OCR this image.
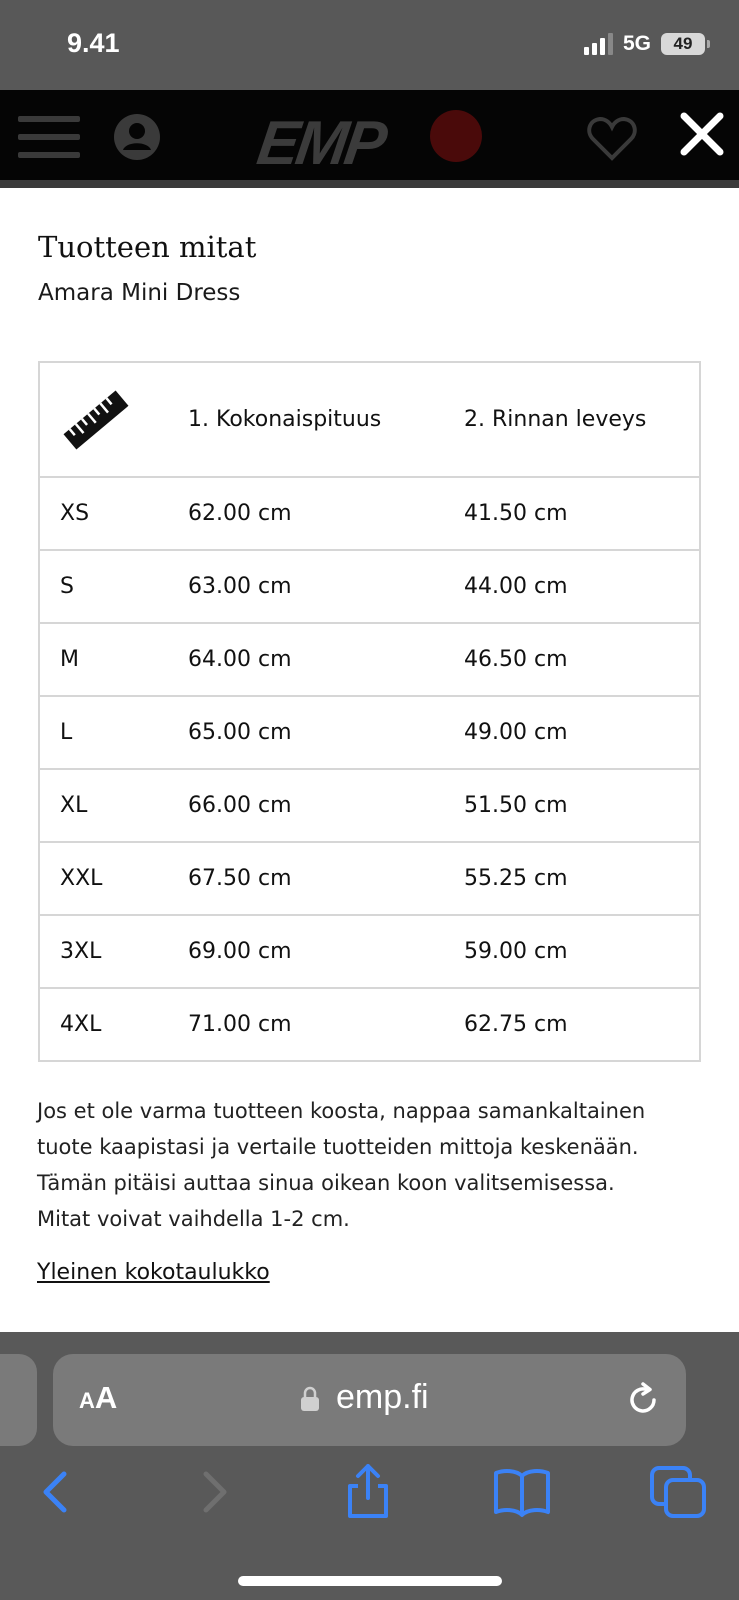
9.41	5G	49
EMP
Tuotteen mitat
Amara Mini Dress
	1. Kokonaispituus	2. Rinnan leveys
XS	62.00 cm	41.50 cm
S	63.00 cm	44.00 cm
M	64.00 cm	46.50 cm
L	65.00 cm	49.00 cm
XL	66.00 cm	51.50 cm
XXL	67.50 cm	55.25 cm
3XL	69.00 cm	59.00 cm
4XL	71.00 cm	62.75 cm
Jos et ole varma tuotteen koosta, nappaa samankaltainen
tuote kaapistasi ja vertaile tuotteiden mittoja keskenään.
Tämän pitäisi auttaa sinua oikean koon valitsemisessa.
Mitat voivat vaihdella 1-2 cm.
Yleinen kokotaulukko
AA	emp.fi
